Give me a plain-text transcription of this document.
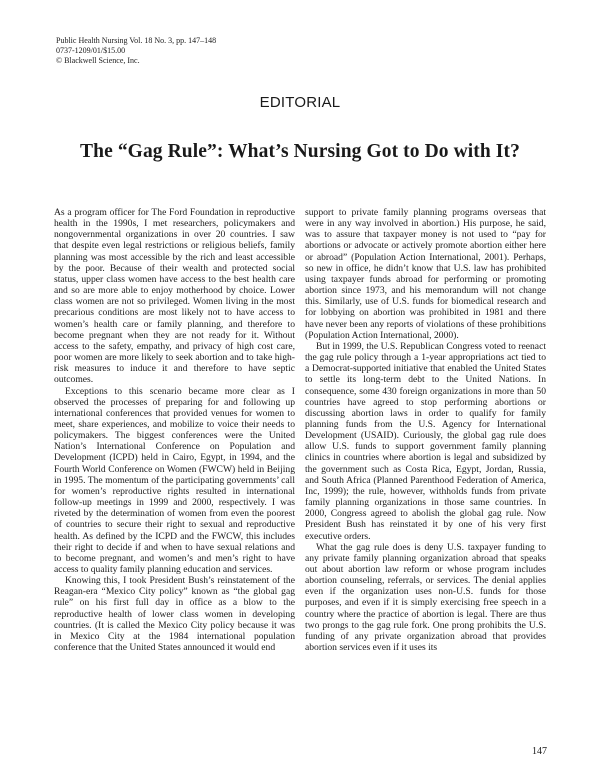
Public Health Nursing Vol. 18 No. 3, pp. 147–148
0737-1209/01/$15.00
© Blackwell Science, Inc.
EDITORIAL
The “Gag Rule”: What’s Nursing Got to Do with It?

As a program officer for The Ford Foundation in reproductive health in the 1990s, I met researchers, policymakers and nongovernmental organizations in over 20 countries. I saw that despite even legal restrictions or religious beliefs, family planning was most accessible by the rich and least accessible by the poor. Because of their wealth and protected social status, upper class women have access to the best health care and so are more able to enjoy motherhood by choice. Lower class women are not so privileged. Women living in the most precarious conditions are most likely not to have access to women’s health care or family planning, and therefore to become pregnant when they are not ready for it. Without access to the safety, empathy, and privacy of high cost care, poor women are more likely to seek abortion and to take high-risk measures to induce it and therefore to have septic outcomes.

Exceptions to this scenario became more clear as I observed the processes of preparing for and following up international conferences that provided venues for women to meet, share experiences, and mobilize to voice their needs to policymakers. The biggest conferences were the United Nation’s International Conference on Population and Development (ICPD) held in Cairo, Egypt, in 1994, and the Fourth World Conference on Women (FWCW) held in Beijing in 1995. The momentum of the participating governments’ call for women’s reproductive rights resulted in international follow-up meetings in 1999 and 2000, respectively. I was riveted by the determination of women from even the poorest of countries to secure their right to sexual and reproductive health. As defined by the ICPD and the FWCW, this includes their right to decide if and when to have sexual relations and to become pregnant, and women’s and men’s right to have access to quality family planning education and services.

Knowing this, I took President Bush’s reinstatement of the Reagan-era “Mexico City policy” known as “the global gag rule” on his first full day in office as a blow to the reproductive health of lower class women in developing countries. (It is called the Mexico City policy because it was in Mexico City at the 1984 international population conference that the United States announced it would end

support to private family planning programs overseas that were in any way involved in abortion.) His purpose, he said, was to assure that taxpayer money is not used to “pay for abortions or advocate or actively promote abortion either here or abroad” (Population Action International, 2001). Perhaps, so new in office, he didn’t know that U.S. law has prohibited using taxpayer funds abroad for performing or promoting abortion since 1973, and his memorandum will not change this. Similarly, use of U.S. funds for biomedical research and for lobbying on abortion was prohibited in 1981 and there have never been any reports of violations of these prohibitions (Population Action International, 2000).

But in 1999, the U.S. Republican Congress voted to reenact the gag rule policy through a 1-year appropriations act tied to a Democrat-supported initiative that enabled the United States to settle its long-term debt to the United Nations. In consequence, some 430 foreign organizations in more than 50 countries have agreed to stop performing abortions or discussing abortion laws in order to qualify for family planning funds from the U.S. Agency for International Development (USAID). Curiously, the global gag rule does allow U.S. funds to support government family planning clinics in countries where abortion is legal and subsidized by the government such as Costa Rica, Egypt, Jordan, Russia, and South Africa (Planned Parenthood Federation of America, Inc, 1999); the rule, however, withholds funds from private family planning organizations in those same countries. In 2000, Congress agreed to abolish the global gag rule. Now President Bush has reinstated it by one of his very first executive orders.

What the gag rule does is deny U.S. taxpayer funding to any private family planning organization abroad that speaks out about abortion law reform or whose program includes abortion counseling, referrals, or services. The denial applies even if the organization uses non-U.S. funds for those purposes, and even if it is simply exercising free speech in a country where the practice of abortion is legal. There are thus two prongs to the gag rule fork. One prong prohibits the U.S. funding of any private organization abroad that provides abortion services even if it uses its

147
